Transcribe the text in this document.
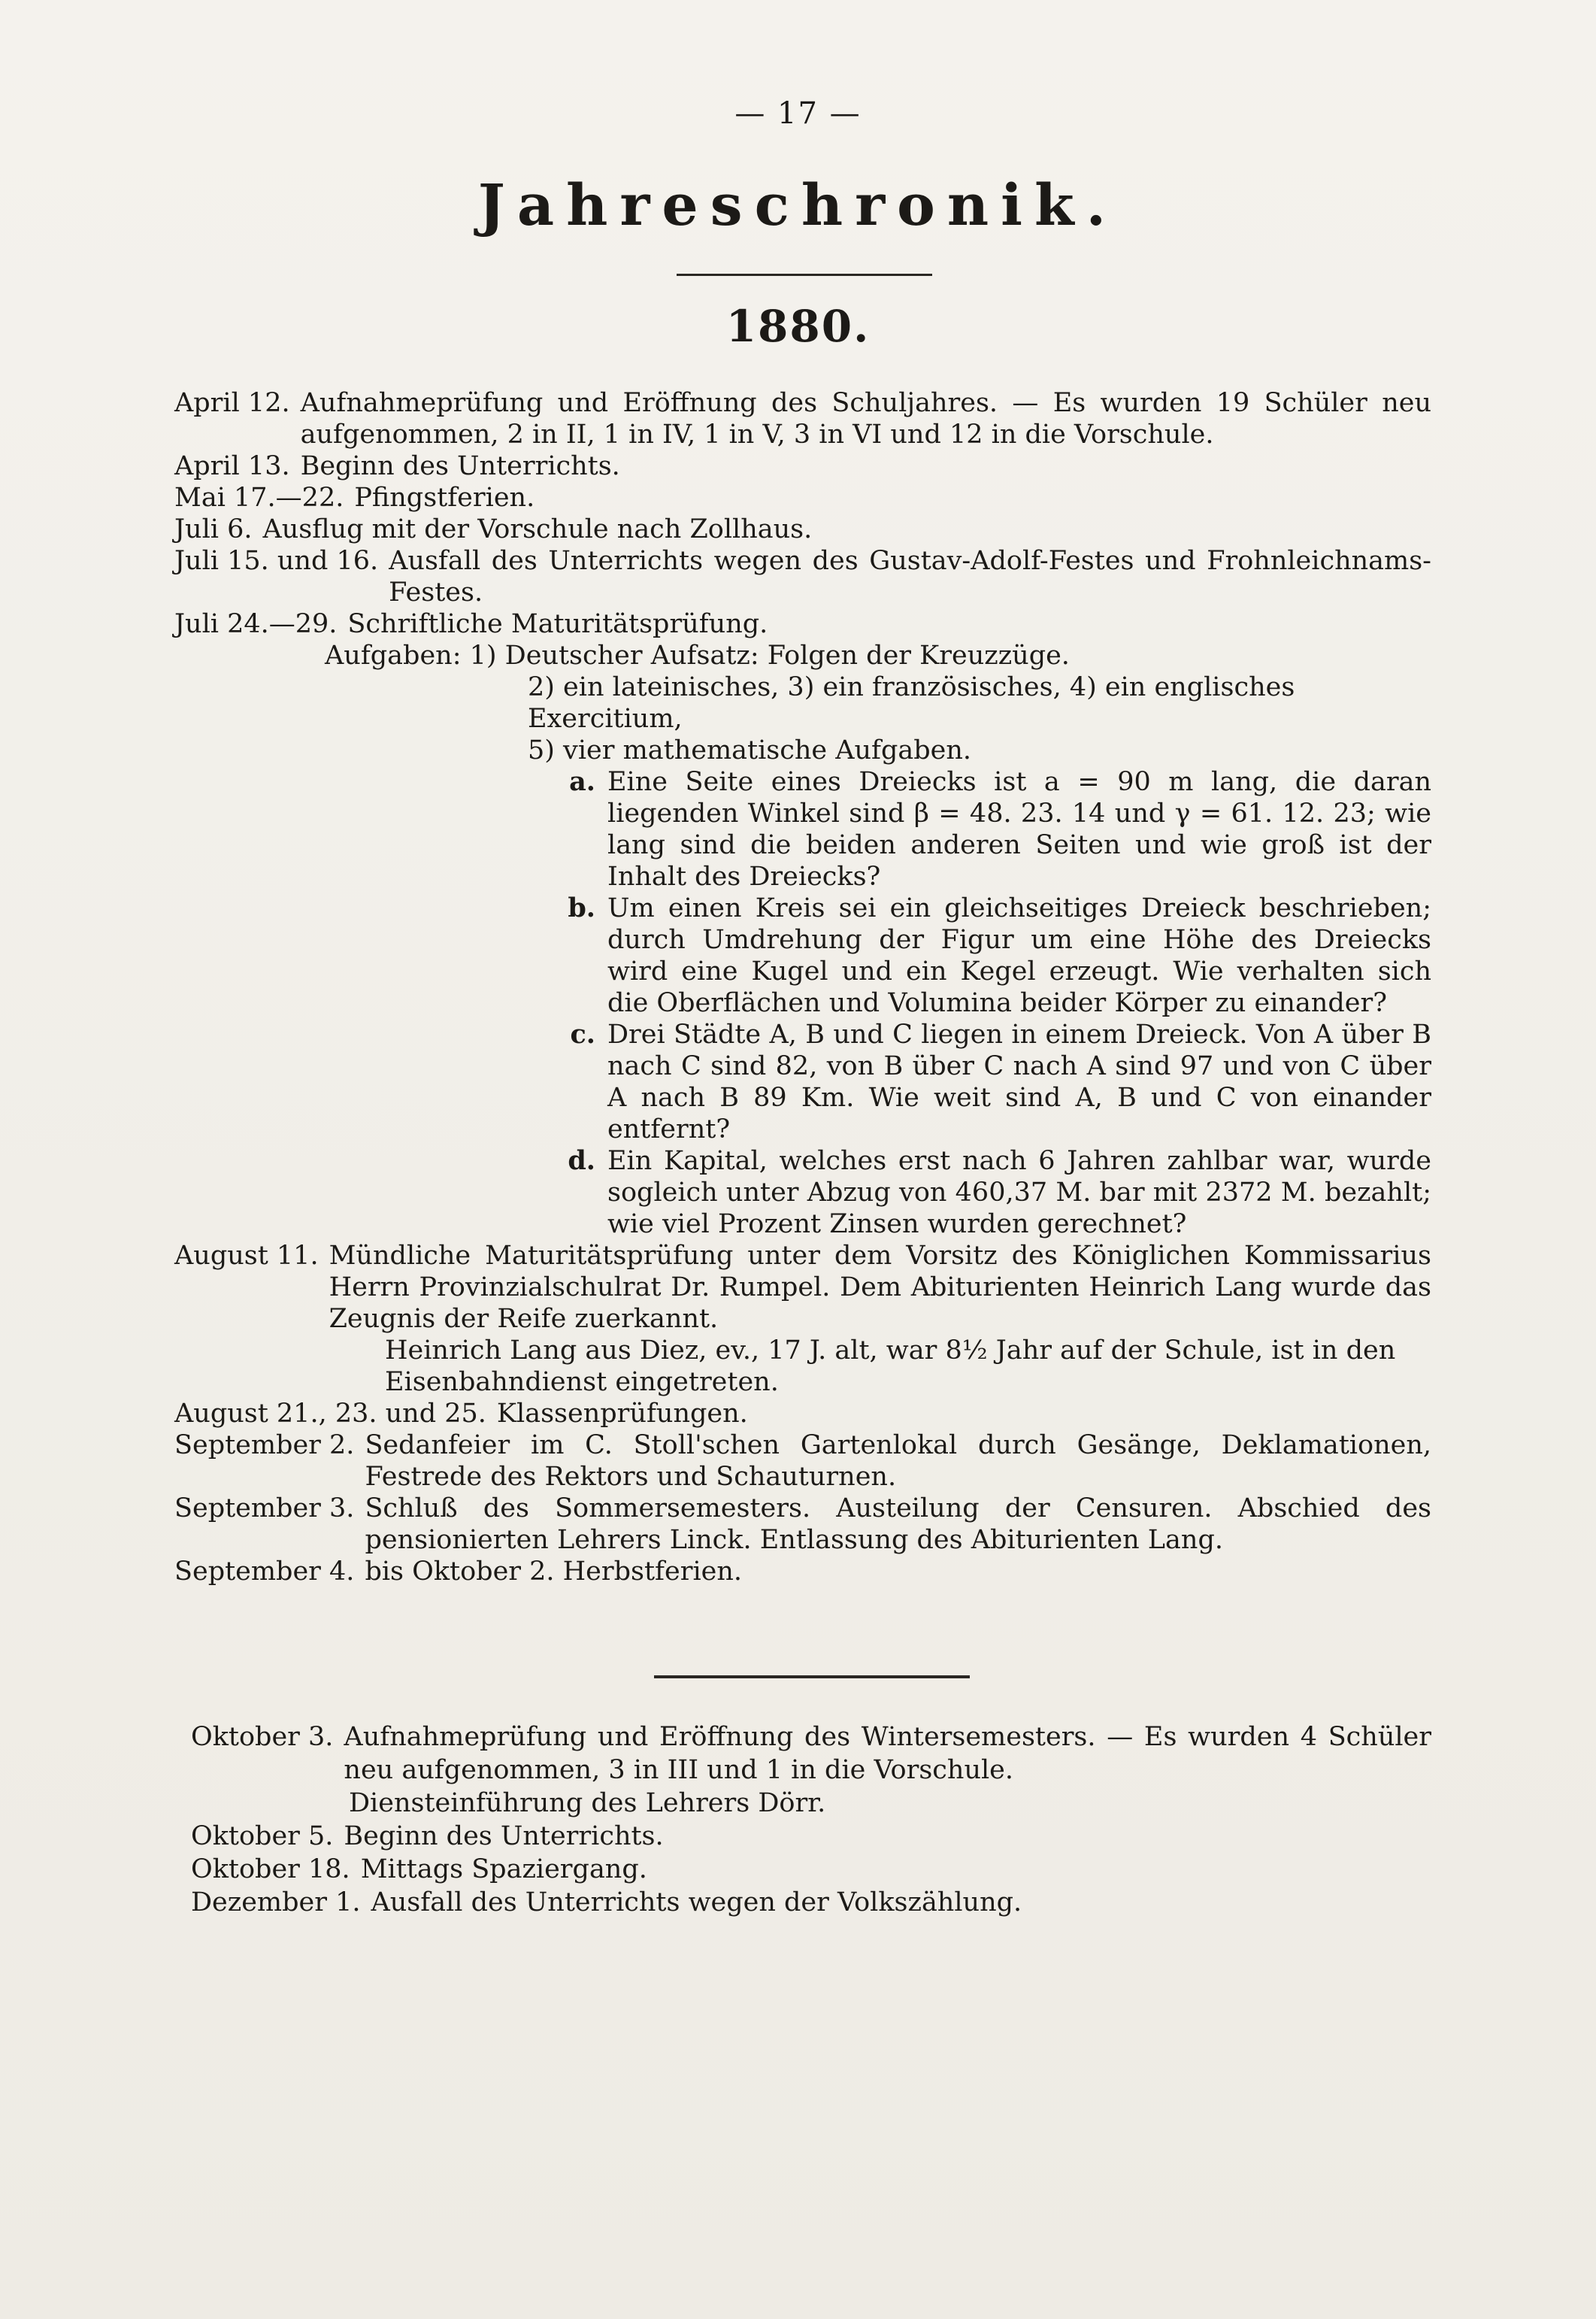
— 17 —
Jahreschronik.
1880.
April 12. Aufnahmeprüfung und Eröffnung des Schuljahres. — Es wurden 19 Schüler neu aufgenommen, 2 in II, 1 in IV, 1 in V, 3 in VI und 12 in die Vorschule.
April 13. Beginn des Unterrichts.
Mai 17.—22. Pfingstferien.
Juli 6. Ausflug mit der Vorschule nach Zollhaus.
Juli 15. und 16. Ausfall des Unterrichts wegen des Gustav-Adolf-Festes und Frohnleichnams-Festes.
Juli 24.—29. Schriftliche Maturitätsprüfung.
Aufgaben: 1) Deutscher Aufsatz: Folgen der Kreuzzüge.
2) ein lateinisches, 3) ein französisches, 4) ein englisches Exercitium,
5) vier mathematische Aufgaben.
a. Eine Seite eines Dreiecks ist a = 90 m lang, die daran liegenden Winkel sind β = 48. 23. 14 und γ = 61. 12. 23; wie lang sind die beiden anderen Seiten und wie groß ist der Inhalt des Dreiecks?
b. Um einen Kreis sei ein gleichseitiges Dreieck beschrieben; durch Umdrehung der Figur um eine Höhe des Dreiecks wird eine Kugel und ein Kegel erzeugt. Wie verhalten sich die Oberflächen und Volumina beider Körper zu einander?
c. Drei Städte A, B und C liegen in einem Dreieck. Von A über B nach C sind 82, von B über C nach A sind 97 und von C über A nach B 89 Km. Wie weit sind A, B und C von einander entfernt?
d. Ein Kapital, welches erst nach 6 Jahren zahlbar war, wurde sogleich unter Abzug von 460,37 M. bar mit 2372 M. bezahlt; wie viel Prozent Zinsen wurden gerechnet?
August 11. Mündliche Maturitätsprüfung unter dem Vorsitz des Königlichen Kommissarius Herrn Provinzialschulrat Dr. Rumpel. Dem Abiturienten Heinrich Lang wurde das Zeugnis der Reife zuerkannt.
Heinrich Lang aus Diez, ev., 17 J. alt, war 8½ Jahr auf der Schule, ist in den Eisenbahndienst eingetreten.
August 21., 23. und 25. Klassenprüfungen.
September 2. Sedanfeier im C. Stoll'schen Gartenlokal durch Gesänge, Deklamationen, Festrede des Rektors und Schauturnen.
September 3. Schluß des Sommersemesters. Austeilung der Censuren. Abschied des pensionierten Lehrers Linck. Entlassung des Abiturienten Lang.
September 4. bis Oktober 2. Herbstferien.
Oktober 3. Aufnahmeprüfung und Eröffnung des Wintersemesters. — Es wurden 4 Schüler neu aufgenommen, 3 in III und 1 in die Vorschule.
Diensteinführung des Lehrers Dörr.
Oktober 5. Beginn des Unterrichts.
Oktober 18. Mittags Spaziergang.
Dezember 1. Ausfall des Unterrichts wegen der Volkszählung.
